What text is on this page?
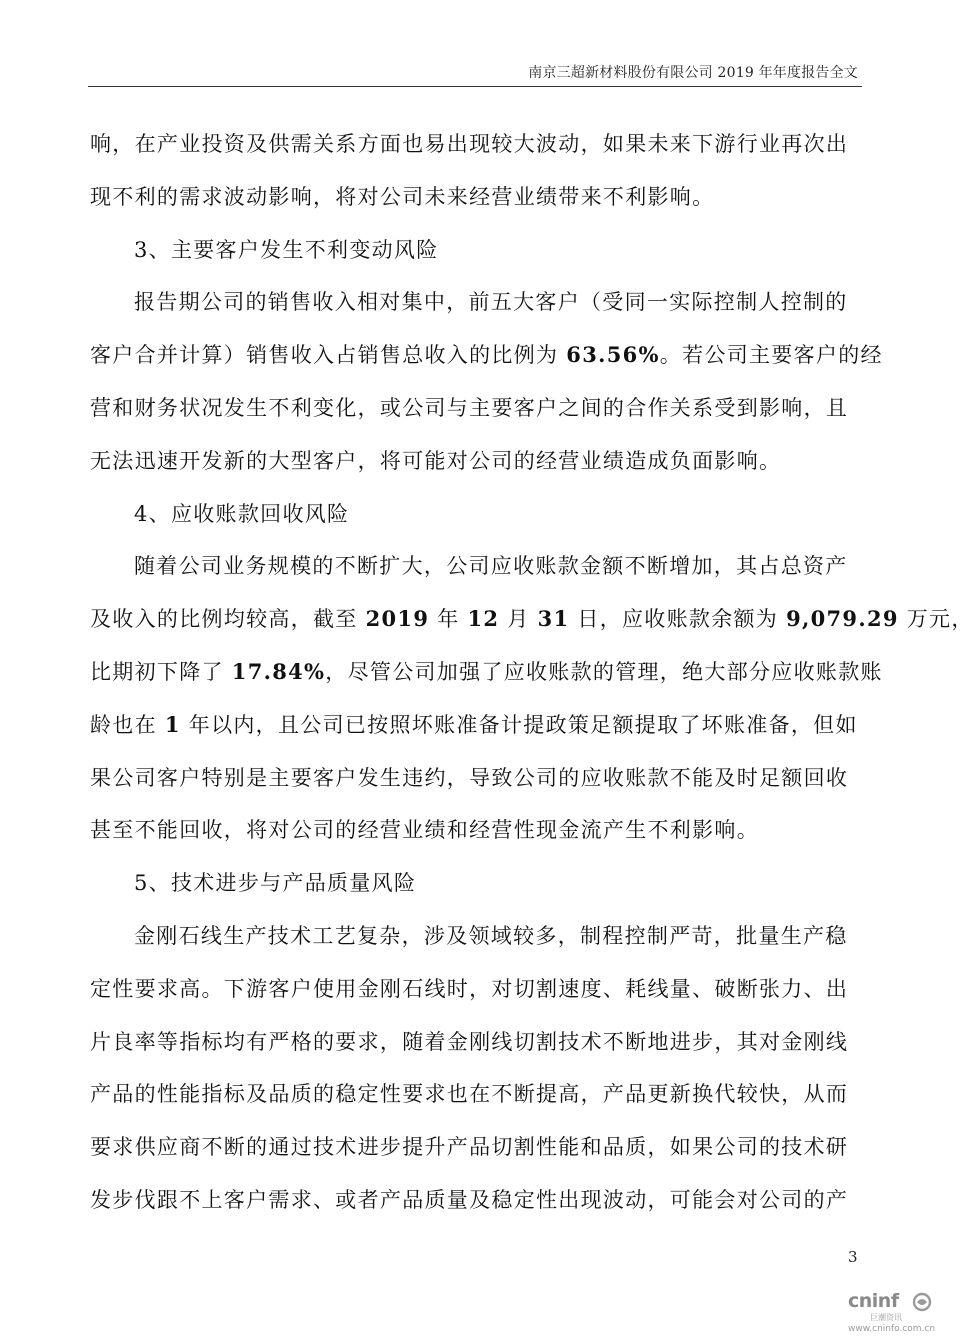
南京三超新材料股份有限公司 2019 年年度报告全文
响，在产业投资及供需关系方面也易出现较大波动，如果未来下游行业再次出
现不利的需求波动影响，将对公司未来经营业绩带来不利影响。
3、主要客户发生不利变动风险
报告期公司的销售收入相对集中，前五大客户（受同一实际控制人控制的
客户合并计算）销售收入占销售总收入的比例为 63.56%。若公司主要客户的经
营和财务状况发生不利变化，或公司与主要客户之间的合作关系受到影响，且
无法迅速开发新的大型客户，将可能对公司的经营业绩造成负面影响。
4、应收账款回收风险
随着公司业务规模的不断扩大，公司应收账款金额不断增加，其占总资产
及收入的比例均较高，截至 2019 年 12 月 31 日，应收账款余额为 9,079.29 万元，
比期初下降了 17.84%，尽管公司加强了应收账款的管理，绝大部分应收账款账
龄也在 1 年以内，且公司已按照坏账准备计提政策足额提取了坏账准备，但如
果公司客户特别是主要客户发生违约，导致公司的应收账款不能及时足额回收
甚至不能回收，将对公司的经营业绩和经营性现金流产生不利影响。
5、技术进步与产品质量风险
金刚石线生产技术工艺复杂，涉及领域较多，制程控制严苛，批量生产稳
定性要求高。下游客户使用金刚石线时，对切割速度、耗线量、破断张力、出
片良率等指标均有严格的要求，随着金刚线切割技术不断地进步，其对金刚线
产品的性能指标及品质的稳定性要求也在不断提高，产品更新换代较快，从而
要求供应商不断的通过技术进步提升产品切割性能和品质，如果公司的技术研
发步伐跟不上客户需求、或者产品质量及稳定性出现波动，可能会对公司的产
3
cninf
巨潮资讯
www.cninfo.com.cn
